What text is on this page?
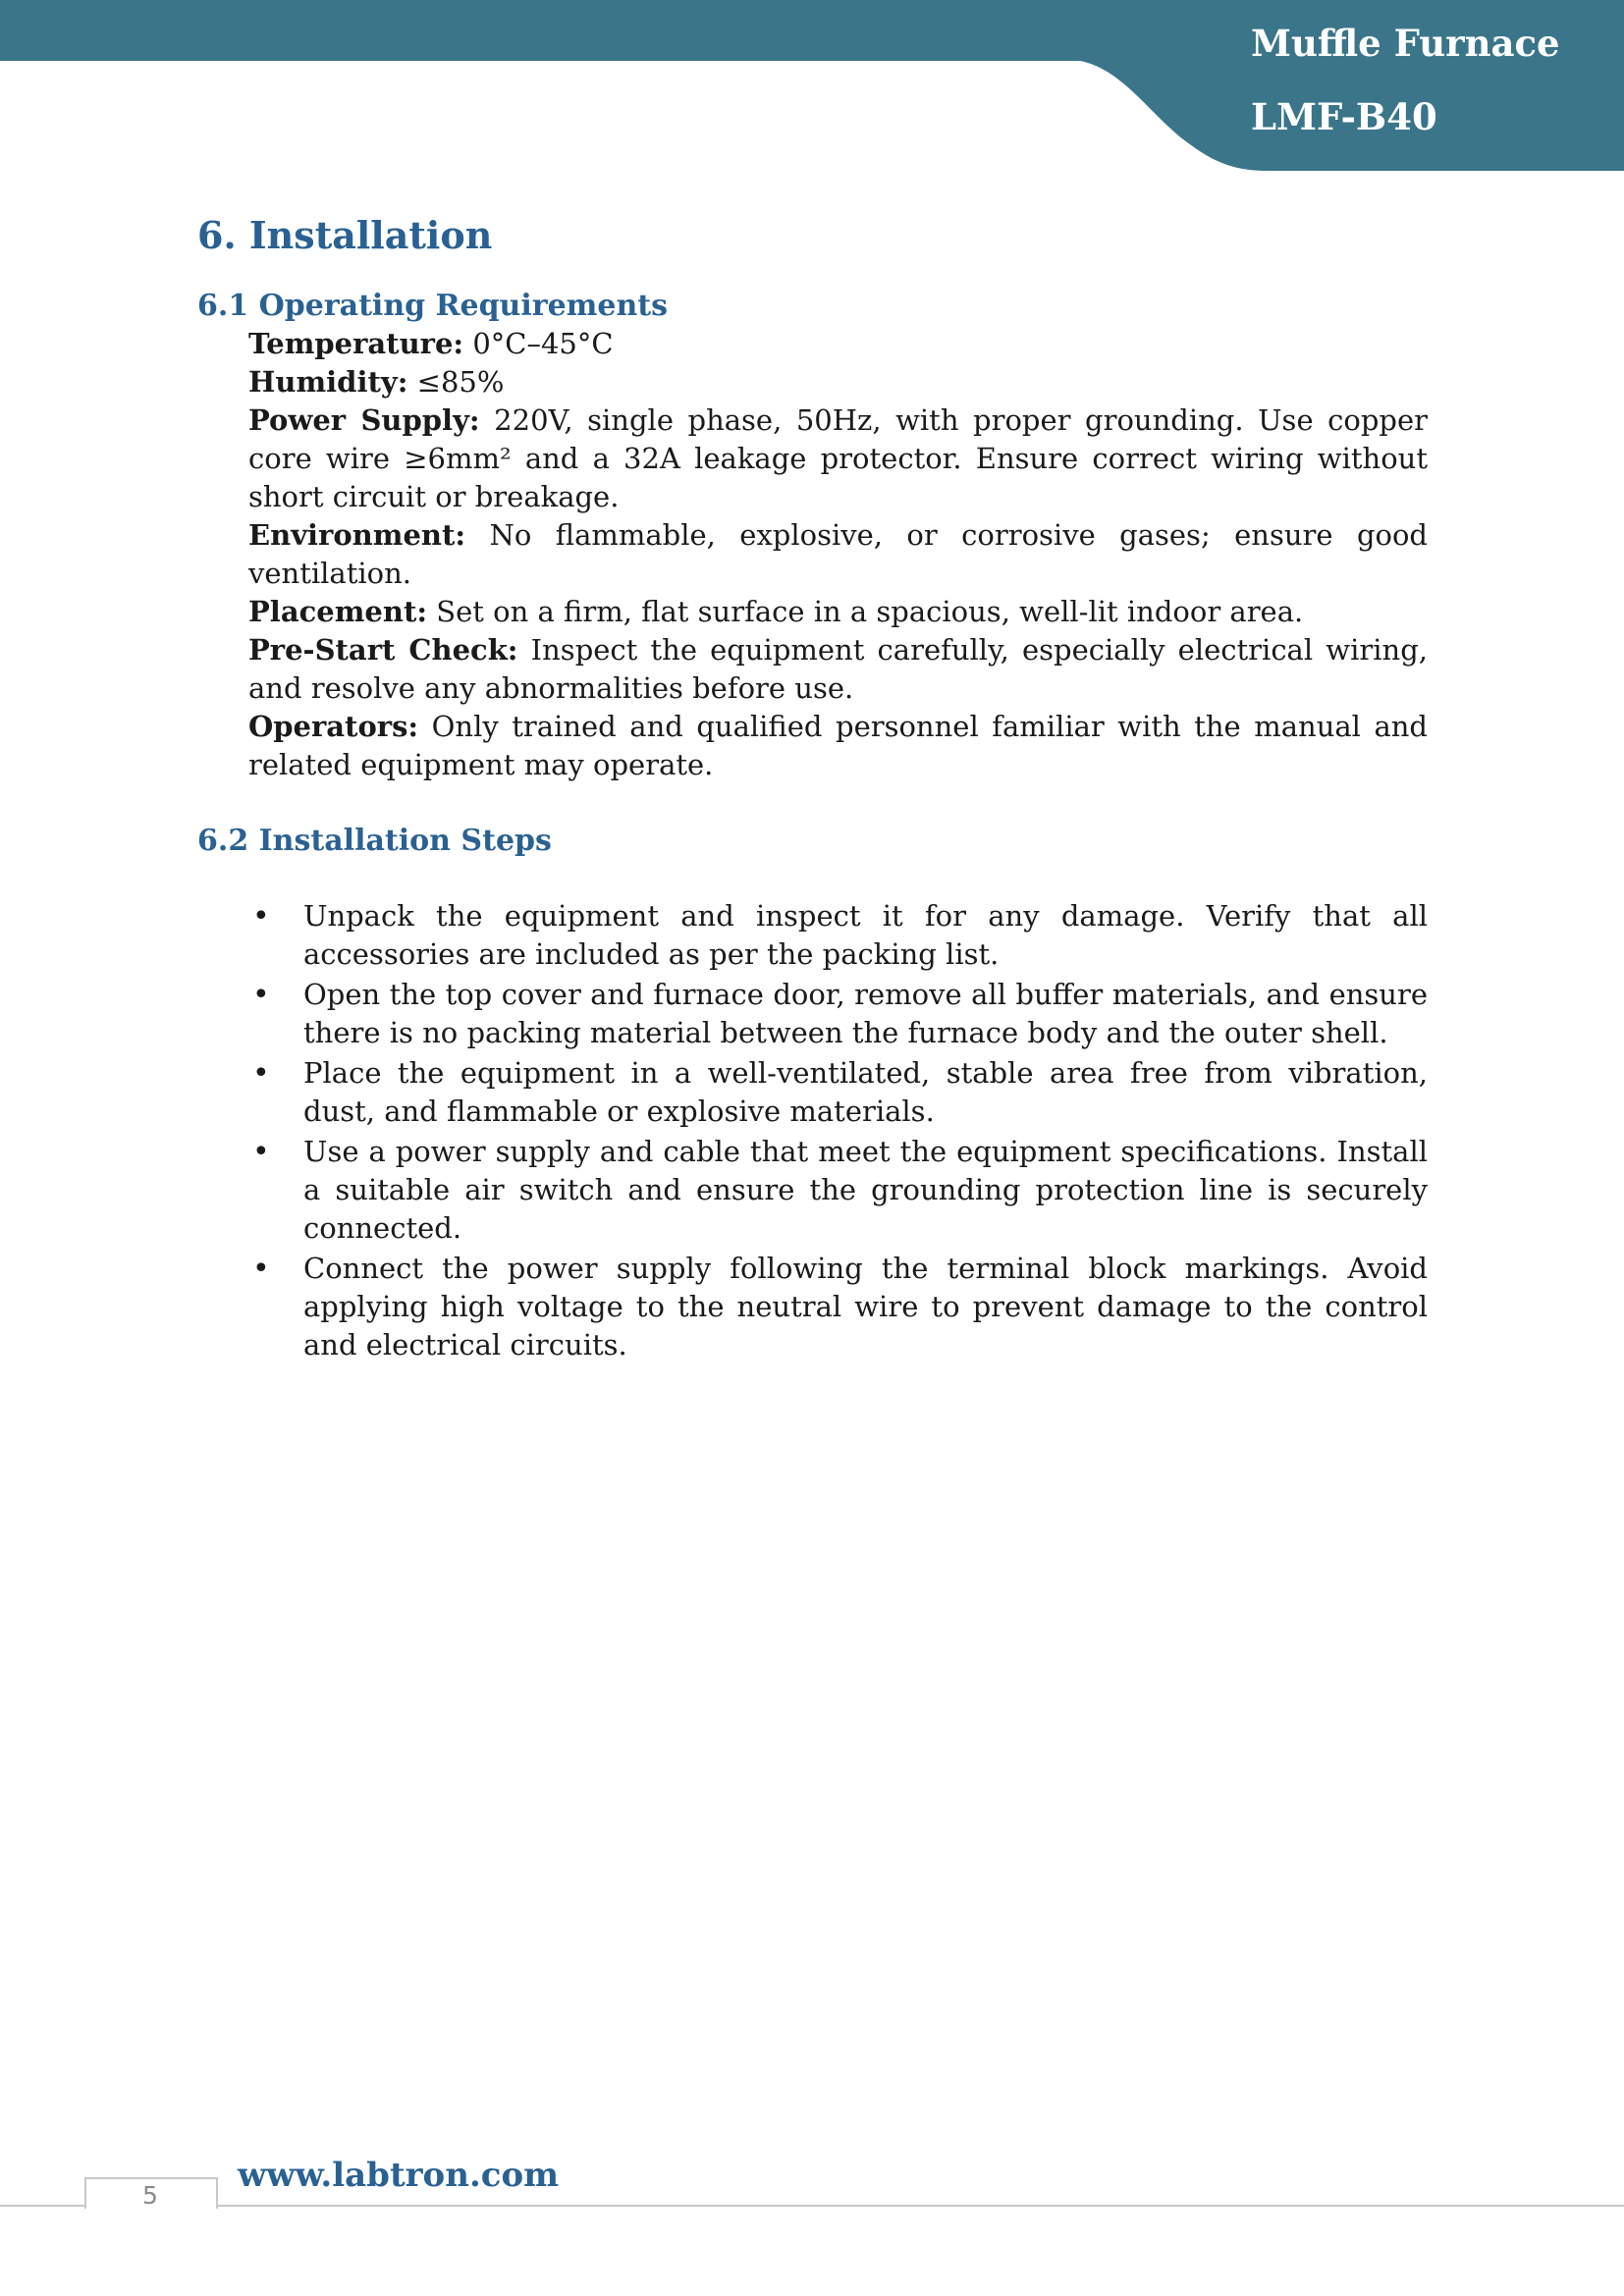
Muffle Furnace
LMF-B40
6. Installation
6.1 Operating Requirements

Temperature: 0°C–45°C

Humidity: ≤85%

Power Supply: 220V, single phase, 50Hz, with proper grounding. Use copper core wire ≥6mm² and a 32A leakage protector. Ensure correct wiring without short circuit or breakage.

Environment: No flammable, explosive, or corrosive gases; ensure good ventilation.

Placement: Set on a firm, flat surface in a spacious, well-lit indoor area.

Pre-Start Check: Inspect the equipment carefully, especially electrical wiring, and resolve any abnormalities before use.

Operators: Only trained and qualified personnel familiar with the manual and related equipment may operate.

6.2 Installation Steps
• Unpack the equipment and inspect it for any damage. Verify that all accessories are included as per the packing list.
• Open the top cover and furnace door, remove all buffer materials, and ensure there is no packing material between the furnace body and the outer shell.
• Place the equipment in a well-ventilated, stable area free from vibration, dust, and flammable or explosive materials.
• Use a power supply and cable that meet the equipment specifications. Install a suitable air switch and ensure the grounding protection line is securely connected.
• Connect the power supply following the terminal block markings. Avoid applying high voltage to the neutral wire to prevent damage to the control and electrical circuits.
5
www.labtron.com
